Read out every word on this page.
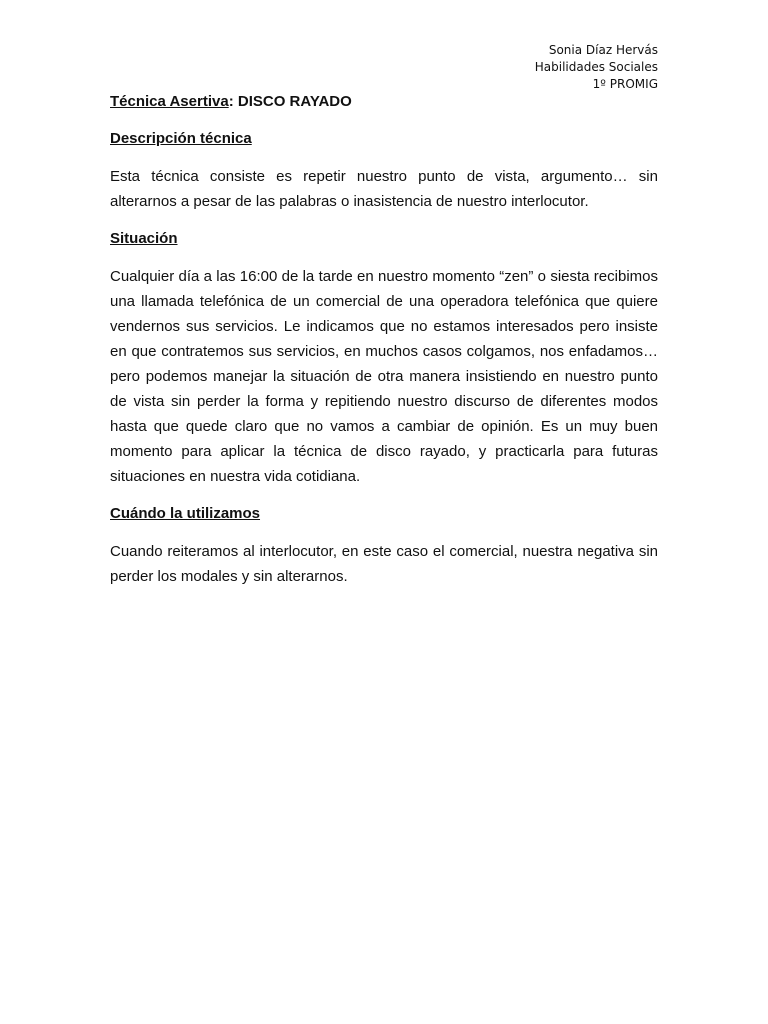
Sonia Díaz Hervás
Habilidades Sociales
1º PROMIG

Técnica Asertiva: DISCO RAYADO

Descripción técnica

Esta técnica consiste es repetir nuestro punto de vista, argumento… sin alterarnos a pesar de las palabras o inasistencia de nuestro interlocutor.

Situación

Cualquier día a las 16:00 de la tarde en nuestro momento “zen” o siesta recibimos una llamada telefónica de un comercial de una operadora telefónica que quiere vendernos sus servicios. Le indicamos que no estamos interesados pero insiste en que contratemos sus servicios, en muchos casos colgamos, nos enfadamos… pero podemos manejar la situación de otra manera insistiendo en nuestro punto de vista sin perder la forma y repitiendo nuestro discurso de diferentes modos hasta que quede claro que no vamos a cambiar de opinión. Es un muy buen momento para aplicar la técnica de disco rayado, y practicarla para futuras situaciones en nuestra vida cotidiana.

Cuándo la utilizamos

Cuando reiteramos al interlocutor, en este caso el comercial, nuestra negativa sin perder los modales y sin alterarnos.
